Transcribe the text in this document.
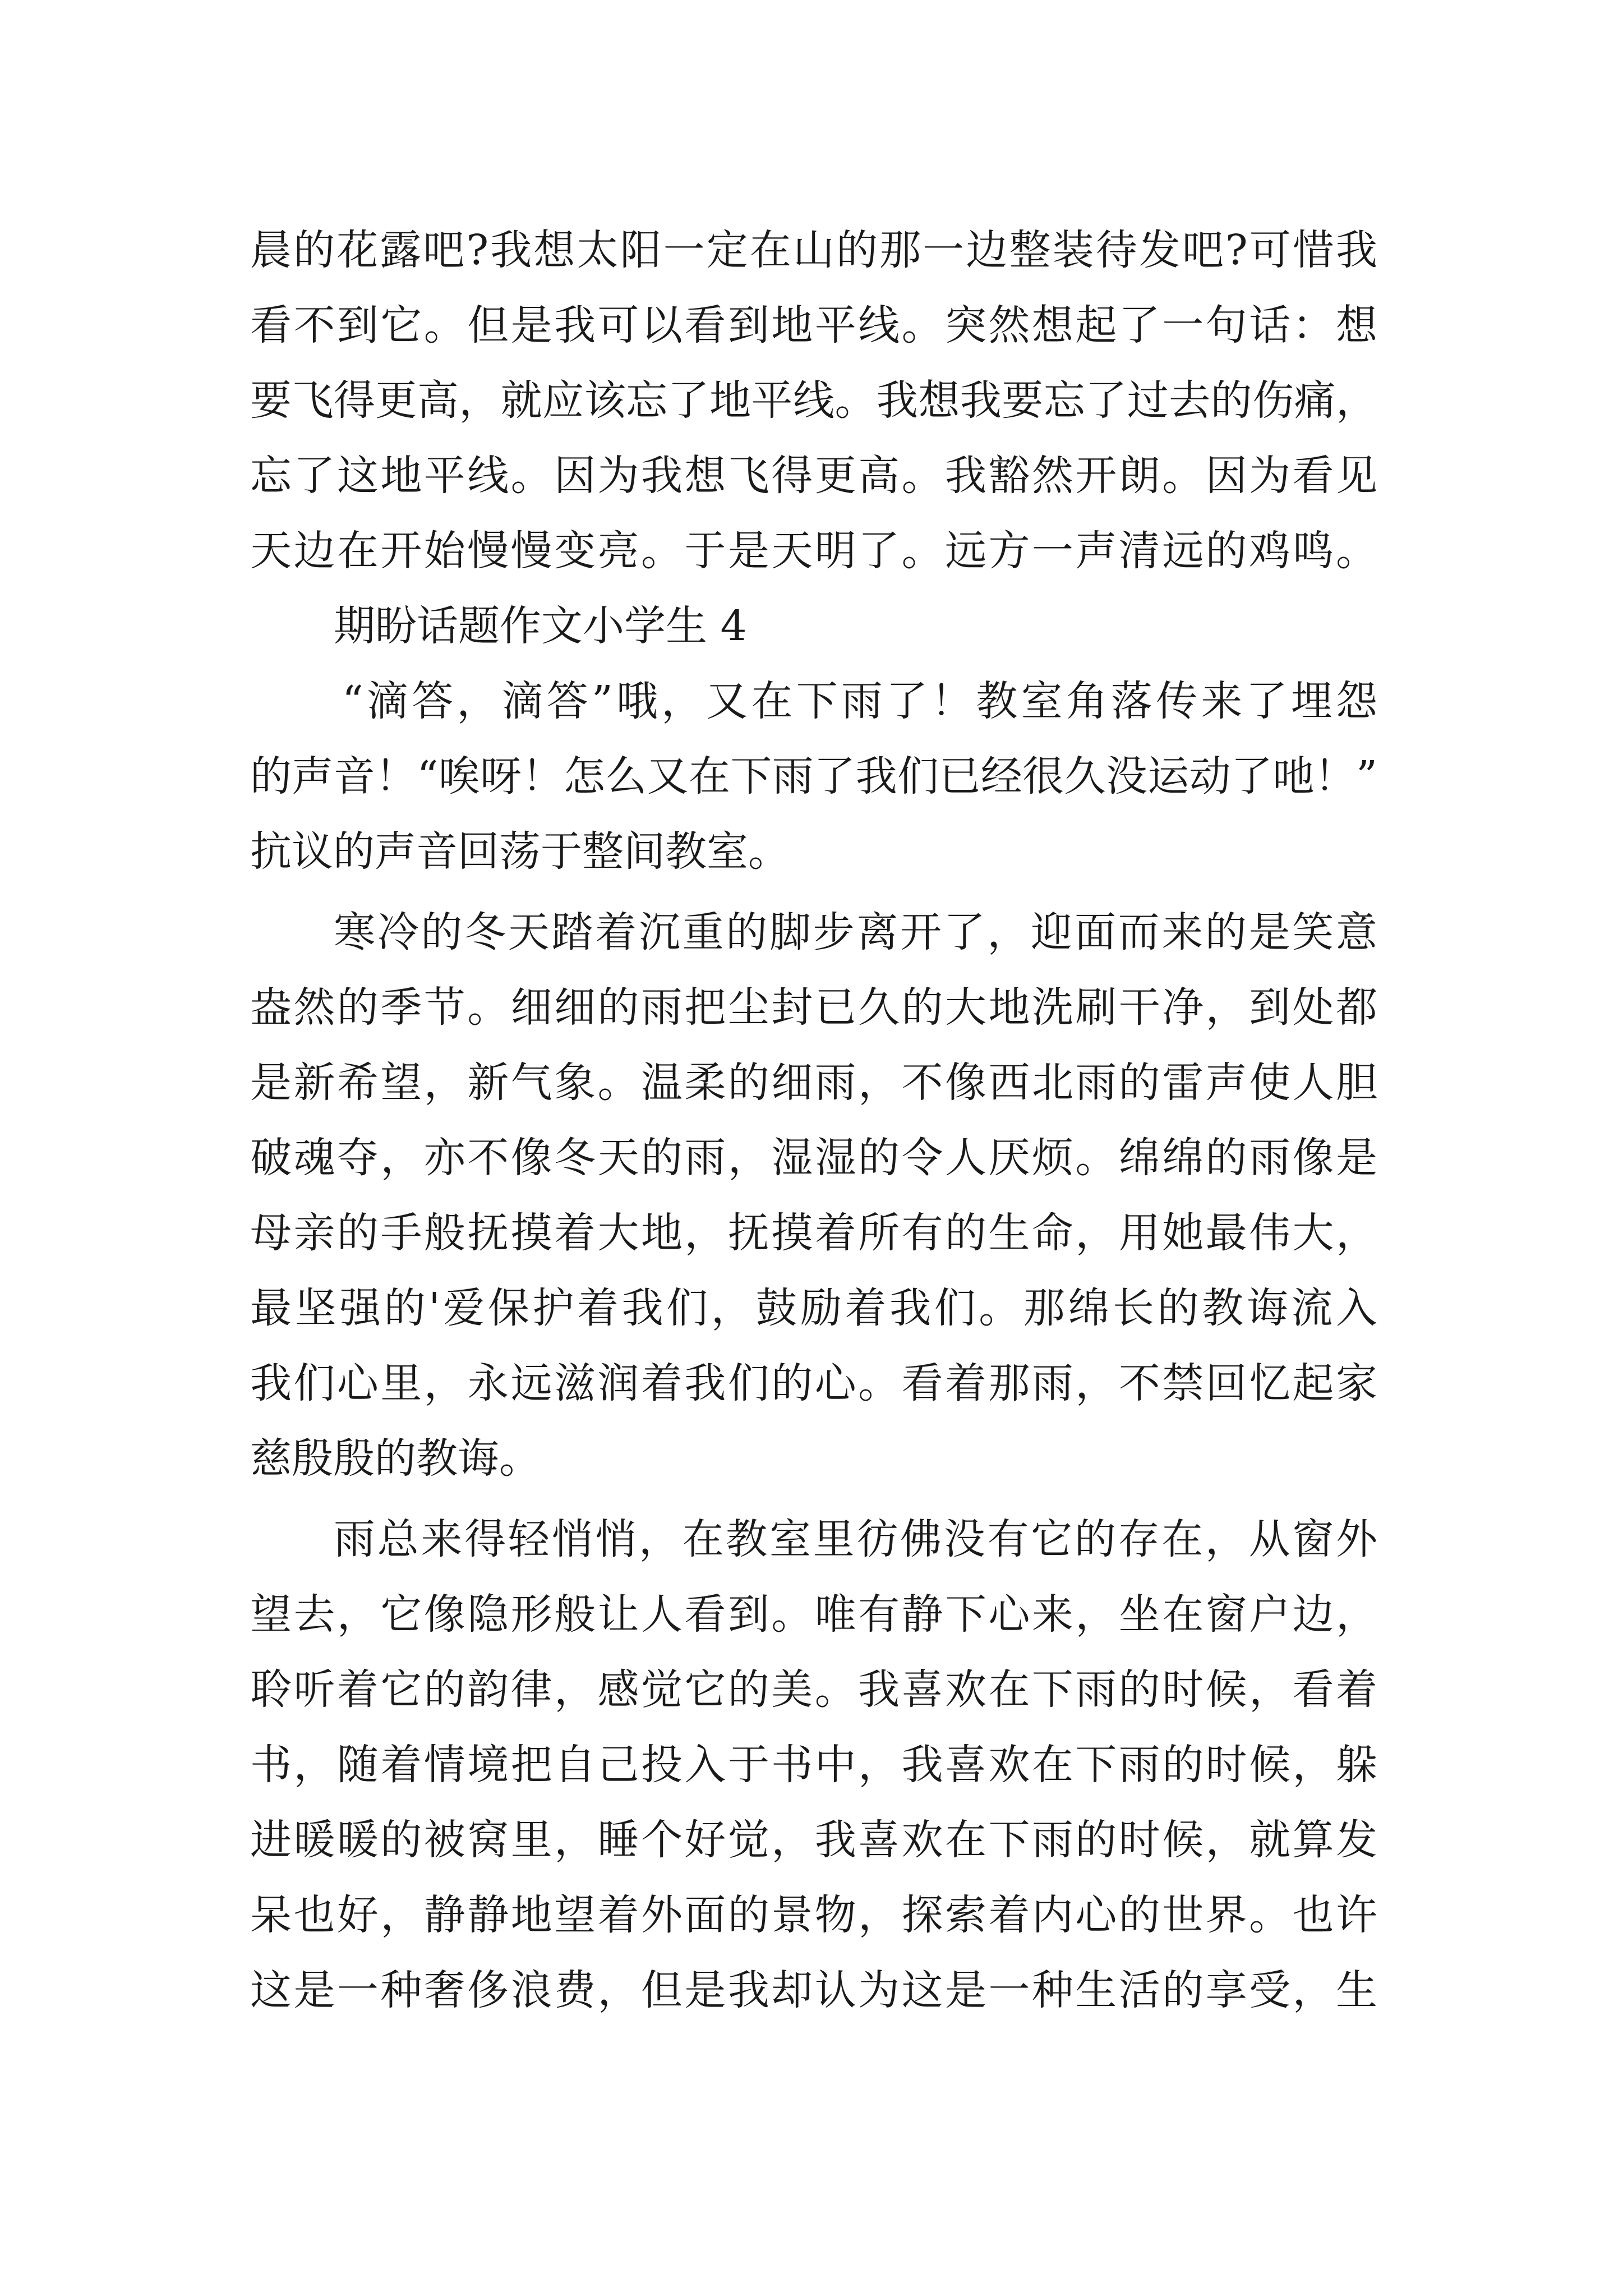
晨的花露吧?我想太阳一定在山的那一边整装待发吧?可惜我
看不到它。但是我可以看到地平线。突然想起了一句话：想
要飞得更高，就应该忘了地平线。我想我要忘了过去的伤痛，
忘了这地平线。因为我想飞得更高。我豁然开朗。因为看见
天边在开始慢慢变亮。于是天明了。远方一声清远的鸡鸣。
期盼话题作文小学生 4
“滴答，滴答”哦，又在下雨了！教室角落传来了埋怨
的声音！“唉呀！怎么又在下雨了我们已经很久没运动了吔！”
抗议的声音回荡于整间教室。
寒冷的冬天踏着沉重的脚步离开了，迎面而来的是笑意
盎然的季节。细细的雨把尘封已久的大地洗刷干净，到处都
是新希望，新气象。温柔的细雨，不像西北雨的雷声使人胆
破魂夺，亦不像冬天的雨，湿湿的令人厌烦。绵绵的雨像是
母亲的手般抚摸着大地，抚摸着所有的生命，用她最伟大，
最坚强的'爱保护着我们，鼓励着我们。那绵长的教诲流入
我们心里，永远滋润着我们的心。看着那雨，不禁回忆起家
慈殷殷的教诲。
雨总来得轻悄悄，在教室里彷佛没有它的存在，从窗外
望去，它像隐形般让人看到。唯有静下心来，坐在窗户边，
聆听着它的韵律，感觉它的美。我喜欢在下雨的时候，看着
书，随着情境把自己投入于书中，我喜欢在下雨的时候，躲
进暖暖的被窝里，睡个好觉，我喜欢在下雨的时候，就算发
呆也好，静静地望着外面的景物，探索着内心的世界。也许
这是一种奢侈浪费，但是我却认为这是一种生活的享受，生
